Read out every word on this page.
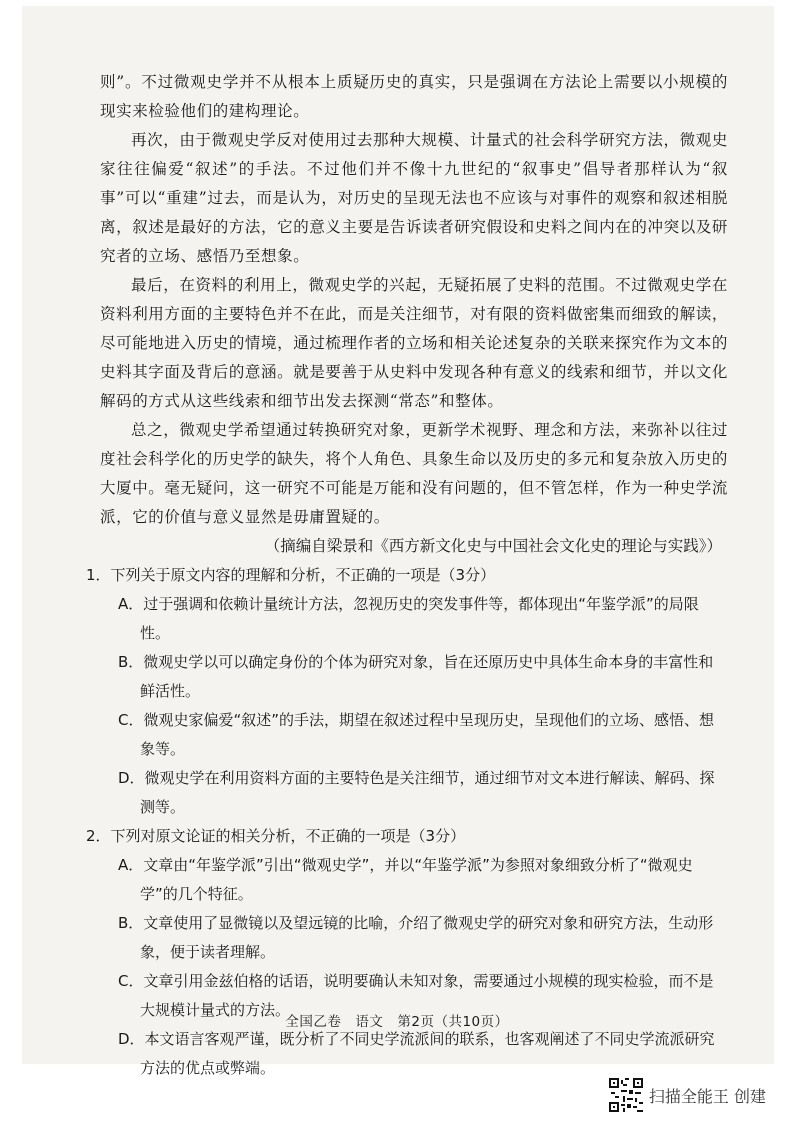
则”。不过微观史学并不从根本上质疑历史的真实，只是强调在方法论上需要以小规模的现实来检验他们的建构理论。

再次，由于微观史学反对使用过去那种大规模、计量式的社会科学研究方法，微观史家往往偏爱“叙述”的手法。不过他们并不像十九世纪的“叙事史”倡导者那样认为“叙事”可以“重建”过去，而是认为，对历史的呈现无法也不应该与对事件的观察和叙述相脱离，叙述是最好的方法，它的意义主要是告诉读者研究假设和史料之间内在的冲突以及研究者的立场、感悟乃至想象。

最后，在资料的利用上，微观史学的兴起，无疑拓展了史料的范围。不过微观史学在资料利用方面的主要特色并不在此，而是关注细节，对有限的资料做密集而细致的解读，尽可能地进入历史的情境，通过梳理作者的立场和相关论述复杂的关联来探究作为文本的史料其字面及背后的意涵。就是要善于从史料中发现各种有意义的线索和细节，并以文化解码的方式从这些线索和细节出发去探测“常态”和整体。

总之，微观史学希望通过转换研究对象，更新学术视野、理念和方法，来弥补以往过度社会科学化的历史学的缺失，将个人角色、具象生命以及历史的多元和复杂放入历史的大厦中。毫无疑问，这一研究不可能是万能和没有问题的，但不管怎样，作为一种史学流派，它的价值与意义显然是毋庸置疑的。

（摘编自梁景和《西方新文化史与中国社会文化史的理论与实践》）

1．下列关于原文内容的理解和分析，不正确的一项是（3分）

A．过于强调和依赖计量统计方法，忽视历史的突发事件等，都体现出“年鉴学派”的局限性。

B．微观史学以可以确定身份的个体为研究对象，旨在还原历史中具体生命本身的丰富性和鲜活性。

C．微观史家偏爱“叙述”的手法，期望在叙述过程中呈现历史，呈现他们的立场、感悟、想象等。

D．微观史学在利用资料方面的主要特色是关注细节，通过细节对文本进行解读、解码、探测等。

2．下列对原文论证的相关分析，不正确的一项是（3分）

A．文章由“年鉴学派”引出“微观史学”，并以“年鉴学派”为参照对象细致分析了“微观史学”的几个特征。

B．文章使用了显微镜以及望远镜的比喻，介绍了微观史学的研究对象和研究方法，生动形象，便于读者理解。

C．文章引用金兹伯格的话语，说明要确认未知对象，需要通过小规模的现实检验，而不是大规模计量式的方法。

D．本文语言客观严谨，既分析了不同史学流派间的联系，也客观阐述了不同史学流派研究方法的优点或弊端。

全国乙卷　语文　第2页（共10页）
扫描全能王 创建
